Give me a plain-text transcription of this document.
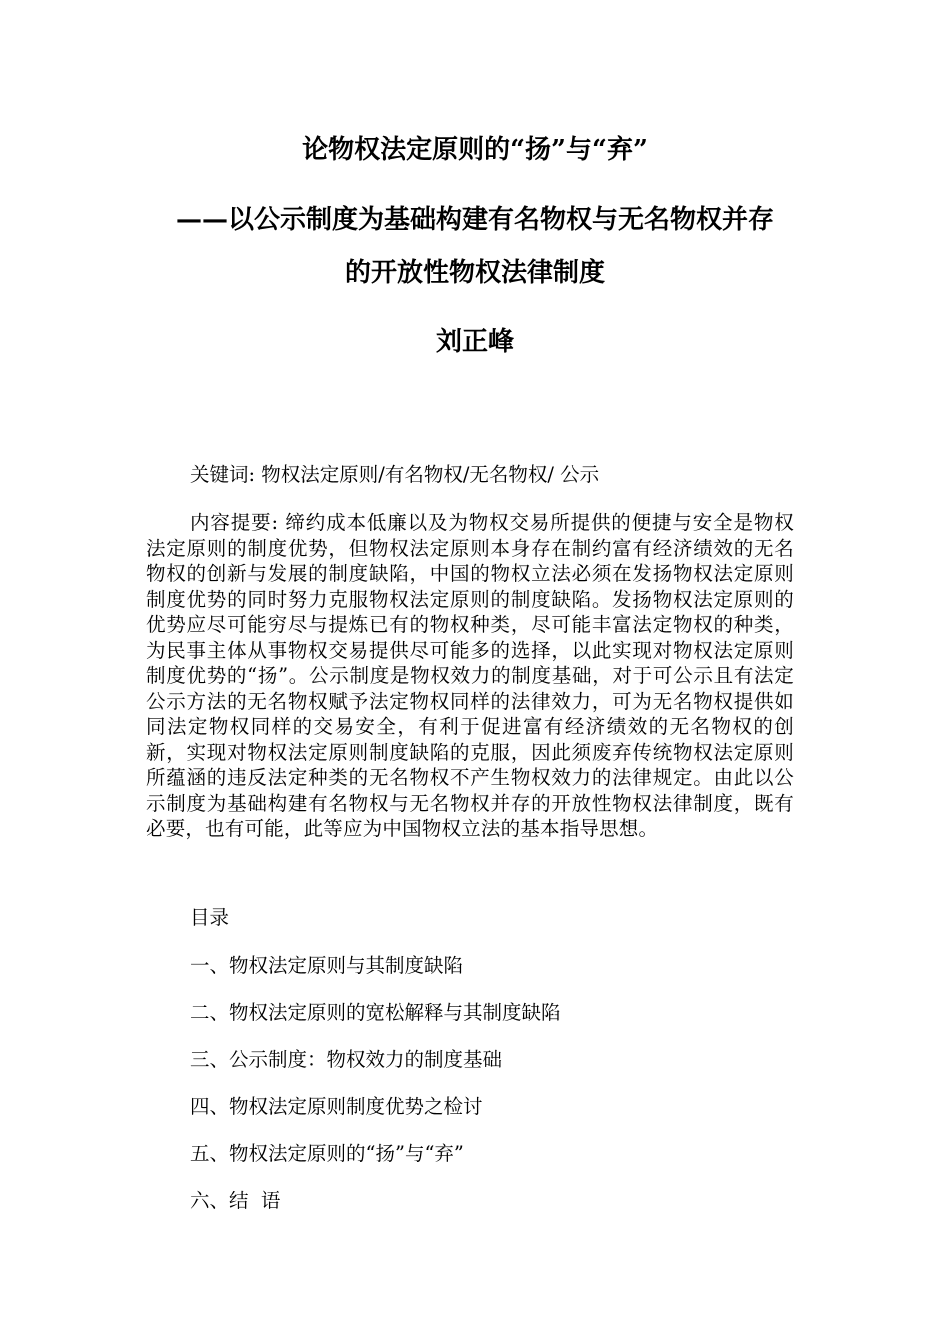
论物权法定原则的“扬”与“弃”
——以公示制度为基础构建有名物权与无名物权并存
的开放性物权法律制度

刘正峰

关键词: 物权法定原则/有名物权/无名物权/ 公示

内容提要: 缔约成本低廉以及为物权交易所提供的便捷与安全是物权法定原则的制度优势，但物权法定原则本身存在制约富有经济绩效的无名物权的创新与发展的制度缺陷，中国的物权立法必须在发扬物权法定原则制度优势的同时努力克服物权法定原则的制度缺陷。发扬物权法定原则的优势应尽可能穷尽与提炼已有的物权种类，尽可能丰富法定物权的种类，为民事主体从事物权交易提供尽可能多的选择，以此实现对物权法定原则制度优势的“扬”。公示制度是物权效力的制度基础，对于可公示且有法定公示方法的无名物权赋予法定物权同样的法律效力，可为无名物权提供如同法定物权同样的交易安全，有利于促进富有经济绩效的无名物权的创新，实现对物权法定原则制度缺陷的克服，因此须废弃传统物权法定原则所蕴涵的违反法定种类的无名物权不产生物权效力的法律规定。由此以公示制度为基础构建有名物权与无名物权并存的开放性物权法律制度，既有必要，也有可能，此等应为中国物权立法的基本指导思想。

目录

一、物权法定原则与其制度缺陷

二、物权法定原则的宽松解释与其制度缺陷

三、公示制度：物权效力的制度基础

四、物权法定原则制度优势之检讨

五、物权法定原则的“扬”与“弃”

六、结  语
